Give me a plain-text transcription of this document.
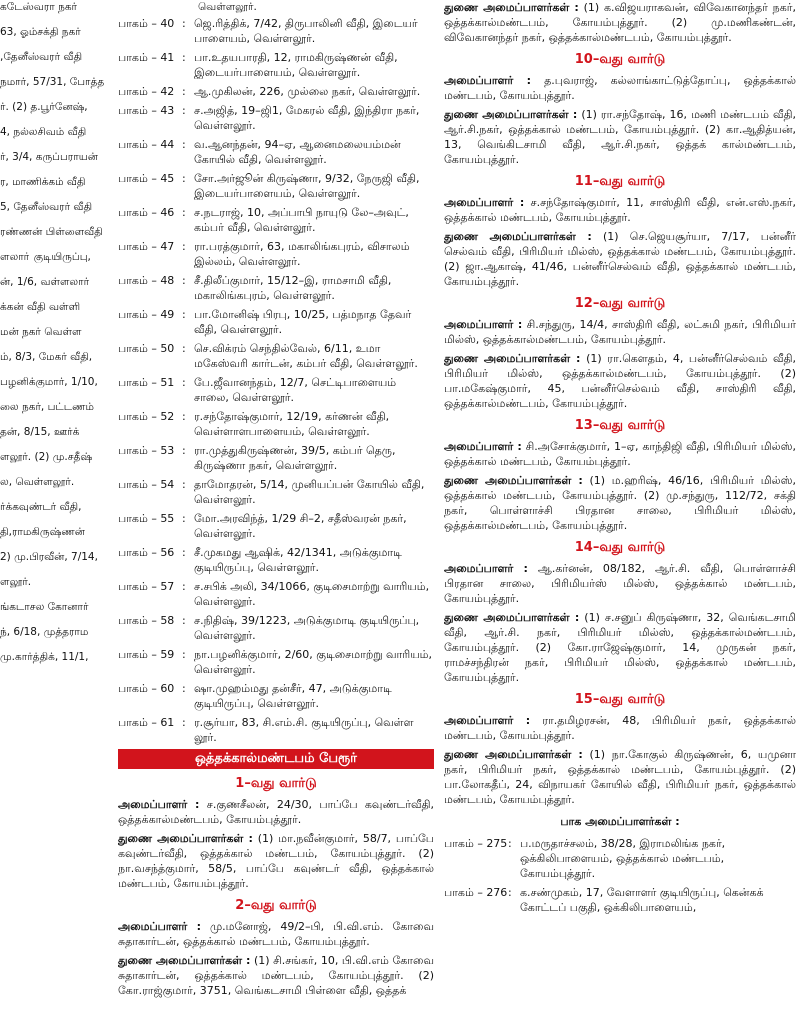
கடேஸ்வரா நகர்
63, ஓம்சக்தி நகர்
,தேனீஸ்வரர் வீதி
நமார், 57/31, போத்த
ர். (2) த.பூர்னேஷ்,
4, நல்லசிவம் வீதி
ர், 3/4, கருப்பராயன்
ர, மாணிக்கம் வீதி
5, தேனீஸ்வரர் வீதி
ரண்ணன் பிள்ளைவீதி
ளலாா் குடியிருப்பு,
ன், 1/6, வள்ளலார்
க்கன் வீதி வள்ளி
மன் நகர் வெள்ள
ம், 8/3, மேகர் வீதி,
பழனிக்குமார், 1/10,
லை நகர், பட்டணம்
தன், 8/15, ஊர்க்
ளலூர். (2) மு.சதீஷ்
ல, வெள்ளலூர்.
ர்க்கவுண்டர் வீதி,
தி,ராமகிருஷ்ணன்
2) மு.பிரவீன், 7/14,
ளலூர்.
ங்கடாசல கோனார்
ந், 6/18, முத்தராம
மு.கார்த்திக், 11/1,
வெள்ளலூர்.
பாகம் – 40 : ஜெ.ரித்திக், 7/42, திருபாலினி வீதி, இடையர் பாளையம், வெள்ளலூர்.
பாகம் – 41 : பா.உதயபாரதி, 12, ராமகிருஷ்ணன் வீதி, இடையர்பாளையம், வெள்ளலூர்.
பாகம் – 42 : ஆ.முகிலன், 226, முல்லை நகர், வெள்ளலூர்.
பாகம் – 43 : ச.அஜித், 19–ஜி1, மேகரல் வீதி, இந்திரா நகர், வெள்ளலூர்.
பாகம் – 44 : வ.ஆனந்தன், 94–ஏ, ஆனைமலையம்மன் கோயில் வீதி, வெள்ளலூர்.
பாகம் – 45 : சோ.அர்ஜூன் கிருஷ்ணா, 9/32, நேருஜி வீதி, இடையர்பாளையம், வெள்ளலூர்.
பாகம் – 46 : ச.நடராஜ், 10, அப்பாபி நாயுடு லே–அவுட், கம்பர் வீதி, வெள்ளலூர்.
பாகம் – 47 : ரா.பரத்குமார், 63, மகாலிங்கபுரம், விசாலம் இல்லம், வெள்ளலூர்.
பாகம் – 48 : சீ.திலீப்குமார், 15/12–இ, ராமசாமி வீதி, மகாலிங்கபுரம், வெள்ளலூர்.
பாகம் – 49 : பா.மோனிஷ் பிரபு, 10/25, பத்மநாத தேவர் வீதி, வெள்ளலூர்.
பாகம் – 50 : செ.விக்ரம் செந்தில்வேல், 6/11, உமா மகேஸ்வரி கார்டன், கம்பர் வீதி, வெள்ளலூர்.
பாகம் – 51 : பே.ஜீவானந்தம், 12/7, செட்டிபாளையம் சாலை, வெள்ளலூர்.
பாகம் – 52 : ர.சந்தோஷ்குமார், 12/19, கர்ணன் வீதி, வெள்ளாளபாளையம், வெள்ளலூர்.
பாகம் – 53 : ரா.முத்துகிருஷ்ணன், 39/5, கம்பர் தெரு, கிருஷ்ணா நகர், வெள்ளலூர்.
பாகம் – 54 : தாமோதரன், 5/14, முனியப்பன் கோயில் வீதி, வெள்ளலூர்.
பாகம் – 55 : மோ.அரவிந்த், 1/29 சி–2, சதீஸ்வரன் நகர், வெள்ளலூர்.
பாகம் – 56 : சீ.முகமது ஆஷிக், 42/1341, அடுக்குமாடி குடியிருப்பு, வெள்ளலூர்.
பாகம் – 57 : ச.சபிக் அலி, 34/1066, குடிசைமாற்று வாரியம், வெள்ளலூர்.
பாகம் – 58 : ச.நிதிஷ், 39/1223, அடுக்குமாடி குடியிருப்பு, வெள்ளலூர்.
பாகம் – 59 : நா.பழனிக்குமார், 2/60, குடிசைமாற்று வாரியம், வெள்ளலூர்.
பாகம் – 60 : ஷா.முஹம்மது தன்சீர், 47, அடுக்குமாடி குடியிருப்பு, வெள்ளலூர்.
பாகம் – 61 : ர.சூர்யா, 83, சி.எம்.சி. குடியிருப்பு, வெள்ள லூர்.
ஒத்தக்கால்மண்டபம் பேரூர்
1–வது வார்டு

அமைப்பாளர் : ச.குணசீலன், 24/30, பாப்பே கவுண்டர்வீதி, ஒத்தக்கால்மண்டபம், கோயம்புத்தூர்.

துணை அமைப்பாளர்கள் : (1) மா.நவீன்குமார், 58/7, பாப்பே கவுண்டர்வீதி, ஒத்தக்கால் மண்டபம், கோயம்புத்தூர். (2) நா.வசந்த்குமார், 58/5, பாப்பே கவுண்டர் வீதி, ஒத்தக்கால் மண்டபம், கோயம்புத்தூர்.

2–வது வார்டு

அமைப்பாளர் : மு.மனோஜ், 49/2–பி, பி.வி.எம். கோவை சுதாகார்டன், ஒத்தக்கால் மண்டபம், கோயம்புத்தூர்.

துணை அமைப்பாளர்கள் : (1) சி.சங்கர், 10, பி.வி.எம் கோவை சுதாகார்டன், ஒத்தக்கால் மண்டபம், கோயம்புத்தூர். (2) கோ.ராஜ்குமார், 3751, வெங்கடசாமி பிள்ளை வீதி, ஒத்தக்

துணை அமைப்பாளர்கள் : (1) க.விஜயராகவன், விவேகானந்தர் நகர், ஒத்தக்கால்மண்டபம், கோயம்புத்தூர். (2) மு.மணிகண்டன், விவேகானந்தர் நகர், ஒத்தக்கால்மண்டபம், கோயம்புத்தூர்.

10–வது வார்டு

அமைப்பாளர் : த.புவராஜ், கல்லாங்காட்டுத்தோப்பு, ஒத்தக்கால் மண்டபம், கோயம்புத்தூர்.

துணை அமைப்பாளர்கள் : (1) ரா.சந்தோஷ், 16, மணி மண்டபம் வீதி, ஆர்.சி.நகர், ஒத்தக்கால் மண்டபம், கோயம்புத்தூர். (2) கா.ஆதித்யன், 13, வெங்கிடசாமி வீதி, ஆர்.சி.நகர், ஒத்தக் கால்மண்டபம், கோயம்புத்தூர்.

11–வது வார்டு

அமைப்பாளர் : ச.சந்தோஷ்குமார், 11, சாஸ்திரி வீதி, என்.எஸ்.நகர், ஒத்தக்கால் மண்டபம், கோயம்புத்தூர்.

துணை அமைப்பாளர்கள் : (1) செ.ஜெயசூர்யா, 7/17, பன்னீர் செல்வம் வீதி, பிரிமியர் மில்ஸ், ஒத்தக்கால் மண்டபம், கோயம்புத்தூர். (2) ஜா.ஆகாஷ், 41/46, பன்னீர்செல்வம் வீதி, ஒத்தக்கால் மண்டபம், கோயம்புத்தூர்.

12–வது வார்டு

அமைப்பாளர் : சி.சந்துரு, 14/4, சாஸ்திரி வீதி, லட்சுமி நகர், பிரிமியர் மில்ஸ், ஒத்தக்கால்மண்டபம், கோயம்புத்தூர்.

துணை அமைப்பாளர்கள் : (1) ரா.கௌதம், 4, பன்னீர்செல்வம் வீதி, பிரிமியர் மில்ஸ், ஒத்தக்கால்மண்டபம், கோயம்புத்தூர். (2) பா.மகேஷ்குமார், 45, பன்னீர்செல்வம் வீதி, சாஸ்திரி வீதி, ஒத்தக்கால்மண்டபம், கோயம்புத்தூர்.

13–வது வார்டு

அமைப்பாளர் : சி.அசோக்குமார், 1–ஏ, காந்திஜி வீதி, பிரிமியர் மில்ஸ், ஒத்தக்கால் மண்டபம், கோயம்புத்தூர்.

துணை அமைப்பாளர்கள் : (1) ம.ஹரிஷ், 46/16, பிரிமியர் மில்ஸ், ஒத்தக்கால் மண்டபம், கோயம்புத்தூர். (2) மு.சந்துரு, 112/72, சக்தி நகர், பொள்ளாச்சி பிரதான சாலை, பிரிமியர் மில்ஸ், ஒத்தக்கால்மண்டபம், கோயம்புத்தூர்.

14–வது வார்டு

அமைப்பாளர் : ஆ.கர்னன், 08/182, ஆர்.சி. வீதி, பொள்ளாச்சி பிரதான சாலை, பிரிமியர்ஸ் மில்ஸ், ஒத்தக்கால் மண்டபம், கோயம்புத்தூர்.

துணை அமைப்பாளர்கள் : (1) ச.சனுப் கிருஷ்ணா, 32, வெங்கடசாமி வீதி, ஆர்.சி. நகர், பிரிமியர் மில்ஸ், ஒத்தக்கால்மண்டபம், கோயம்புத்தூர். (2) கோ.ராஜேஷ்குமார், 14, முருகன் நகர், ராமச்சந்திரன் நகர், பிரிமியர் மில்ஸ், ஒத்தக்கால் மண்டபம், கோயம்புத்தூர்.

15–வது வார்டு

அமைப்பாளர் : ரா.தமிழரசன், 48, பிரிமியர் நகர், ஒத்தக்கால் மண்டபம், கோயம்புத்தூர்.

துணை அமைப்பாளர்கள் : (1) நா.கோகுல் கிருஷ்ணன், 6, யமுனா நகர், பிரிமியர் நகர், ஒத்தக்கால் மண்டபம், கோயம்புத்தூர். (2) பா.லோகதீப், 24, விநாயகர் கோயில் வீதி, பிரிமியர் நகர், ஒத்தக்கால் மண்டபம், கோயம்புத்தூர்.

பாக அமைப்பாளர்கள் :
பாகம் – 275 : ப.மருதாச்சலம், 38/28, இராமலிங்க நகர், ஒக்கிலிபாளையம், ஒத்தக்கால் மண்டபம், கோயம்புத்தூர்.
பாகம் – 276 : க.சண்முகம், 17, வேளாளர் குடியிருப்பு, கென்கக் கோட்டப் பகுதி, ஒக்கிலிபாளையம்,
